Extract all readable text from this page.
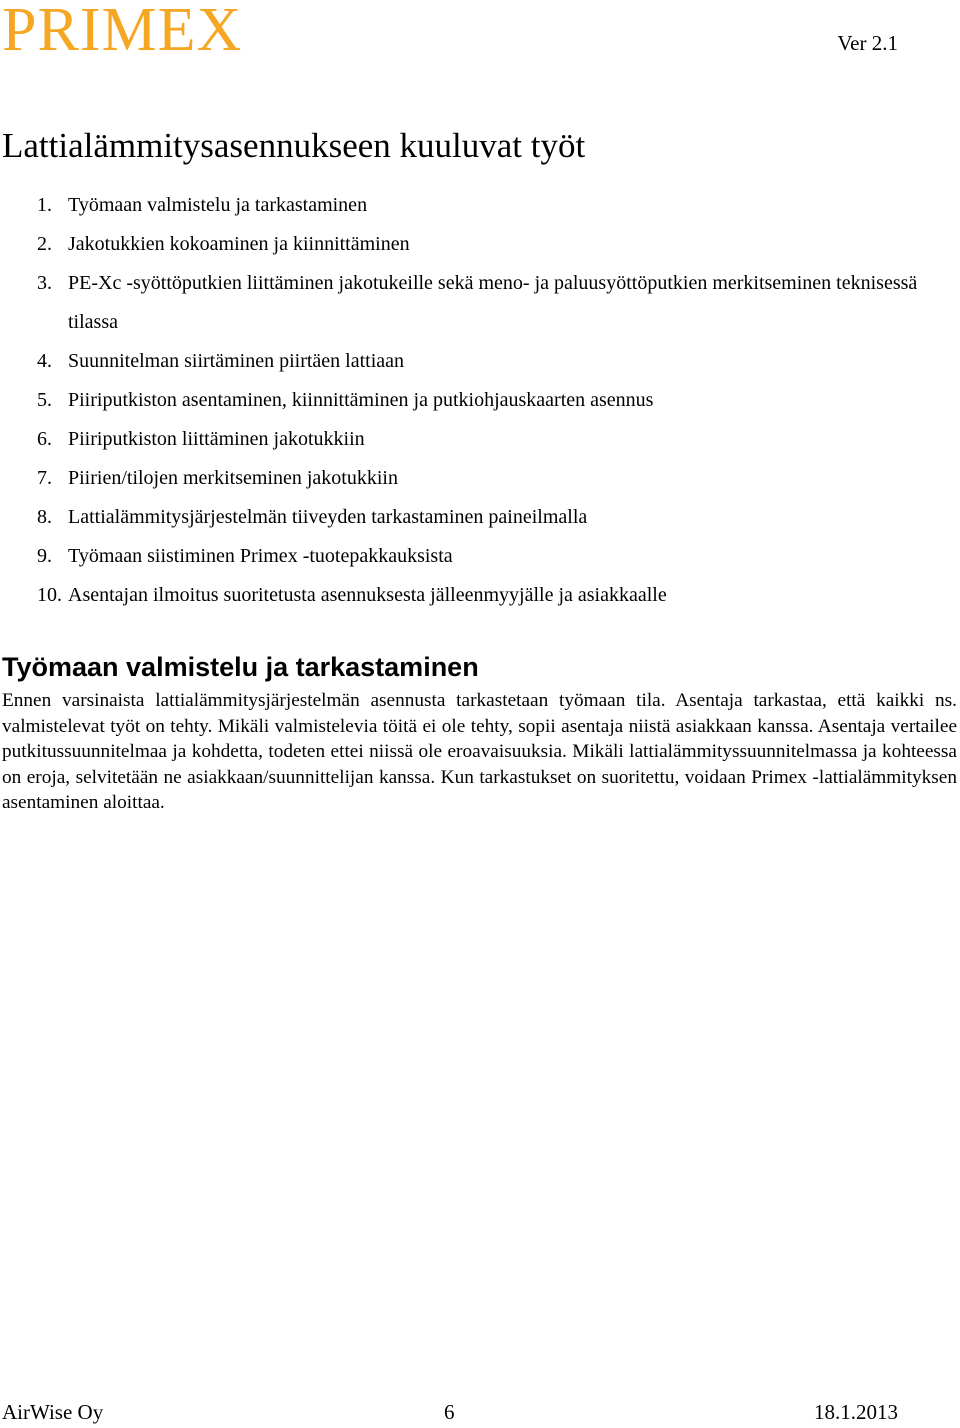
PRIMEX	Ver 2.1
Lattialämmitysasennukseen kuuluvat työt
1. Työmaan valmistelu ja tarkastaminen
2. Jakotukkien kokoaminen ja kiinnittäminen
3. PE-Xc -syöttöputkien liittäminen jakotukeille sekä meno- ja paluusyöttöputkien merkitseminen teknisessä tilassa
4. Suunnitelman siirtäminen piirtäen lattiaan
5. Piiriputkiston asentaminen, kiinnittäminen ja putkiohjauskaarten asennus
6. Piiriputkiston liittäminen jakotukkiin
7. Piirien/tilojen merkitseminen jakotukkiin
8. Lattialämmitysjärjestelmän tiiveyden tarkastaminen paineilmalla
9. Työmaan siistiminen Primex -tuotepakkauksista
10. Asentajan ilmoitus suoritetusta asennuksesta jälleenmyyjälle ja asiakkaalle
Työmaan valmistelu ja tarkastaminen

Ennen varsinaista lattialämmitysjärjestelmän asennusta tarkastetaan työmaan tila. Asentaja tarkastaa, että kaikki ns. valmistelevat työt on tehty. Mikäli valmistelevia töitä ei ole tehty, sopii asentaja niistä asiakkaan kanssa. Asentaja vertailee putkitussuunnitelmaa ja kohdetta, todeten ettei niissä ole eroavaisuuksia. Mikäli lattialämmityssuunnitelmassa ja kohteessa on eroja, selvitetään ne asiakkaan/suunnittelijan kanssa. Kun tarkastukset on suoritettu, voidaan Primex -lattialämmityksen asentaminen aloittaa.

AirWise Oy	6	18.1.2013
